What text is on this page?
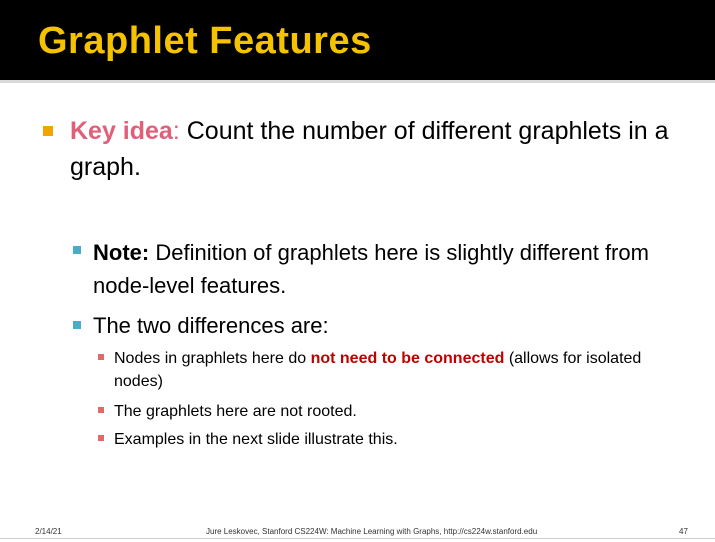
Graphlet Features
Key idea: Count the number of different graphlets in a graph.
Note: Definition of graphlets here is slightly different from node-level features.
The two differences are:
Nodes in graphlets here do not need to be connected (allows for isolated nodes)
The graphlets here are not rooted.
Examples in the next slide illustrate this.
2/14/21	Jure Leskovec, Stanford CS224W: Machine Learning with Graphs, http://cs224w.stanford.edu	47
